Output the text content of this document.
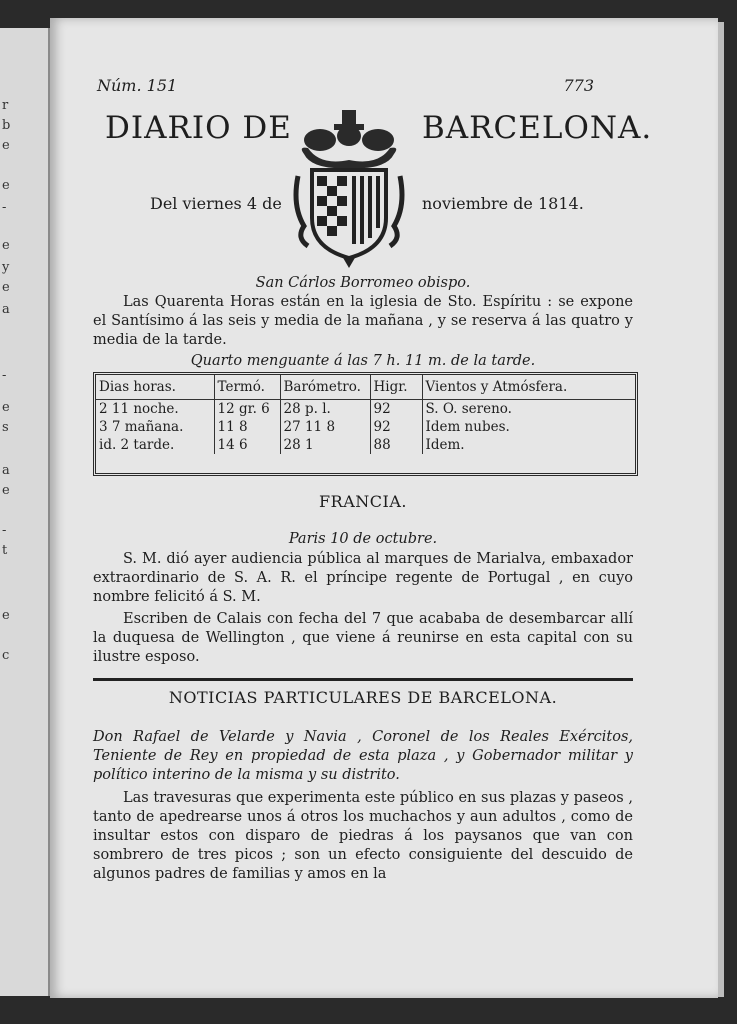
r
b
e
e
-
e
y
e
a
-
e
s
a
e
-
t
e
c
Núm. 151	773
DIARIO DE	BARCELONA.
Del viernes 4 de	noviembre de 1814.
San Cárlos Borromeo obispo.
Las Quarenta Horas están en la iglesia de Sto. Espíritu : se expone el Santísimo á las seis y media de la mañana , y se reserva á las quatro y media de la tarde.
Quarto menguante á las 7 h. 11 m. de la tarde.
Dias horas.	Termó.	Barómetro.	Higr.	Vientos y Atmósfera.
2 11 noche.	12 gr. 6	28 p. l.	92	S. O. sereno.
3 7 mañana.	11 8	27 11 8	92	Idem nubes.
id. 2 tarde.	14 6	28 1	88	Idem.
FRANCIA.
Paris 10 de octubre.
S. M. dió ayer audiencia pública al marques de Marialva, embaxador extraordinario de S. A. R. el príncipe regente de Portugal , en cuyo nombre felicitó á S. M.
Escriben de Calais con fecha del 7 que acababa de desembarcar allí la duquesa de Wellington , que viene á reunirse en esta capital con su ilustre esposo.
NOTICIAS PARTICULARES DE BARCELONA.
Don Rafael de Velarde y Navia , Coronel de los Reales Exércitos, Teniente de Rey en propiedad de esta plaza , y Gobernador militar y político interino de la misma y su distrito.
Las travesuras que experimenta este público en sus plazas y paseos , tanto de apedrearse unos á otros los muchachos y aun adultos , como de insultar estos con disparo de piedras á los paysanos que van con sombrero de tres picos ; son un efecto consiguiente del descuido de algunos padres de familias y amos en la
